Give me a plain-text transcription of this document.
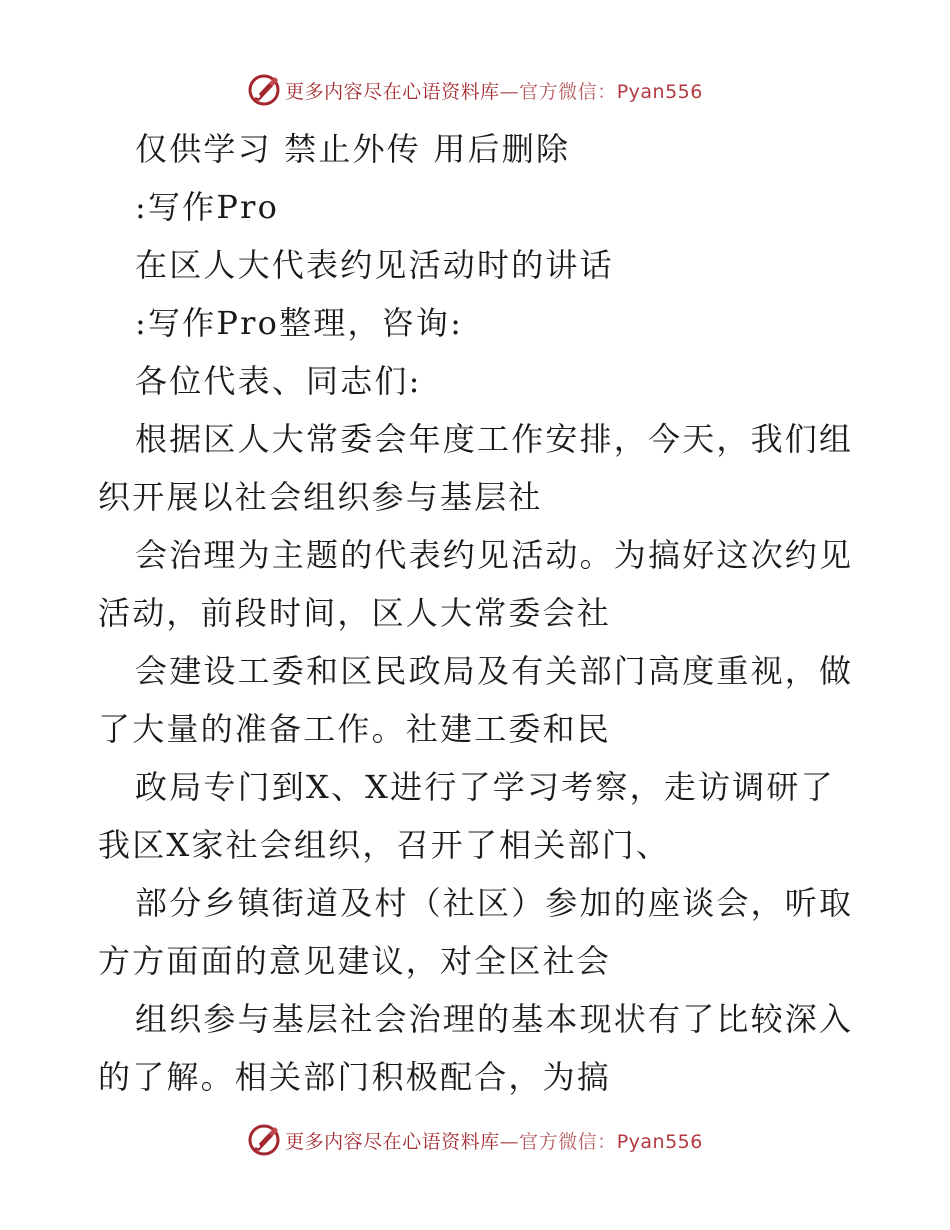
更多内容尽在心语资料库—官方微信：Pyan556
仅供学习 禁止外传 用后删除
:写作Pro
在区人大代表约见活动时的讲话
:写作Pro整理，咨询:
各位代表、同志们:
根据区人大常委会年度工作安排，今天，我们组
织开展以社会组织参与基层社
会治理为主题的代表约见活动。为搞好这次约见
活动，前段时间，区人大常委会社
会建设工委和区民政局及有关部门高度重视，做
了大量的准备工作。社建工委和民
政局专门到X、X进行了学习考察，走访调研了
我区X家社会组织，召开了相关部门、
部分乡镇街道及村（社区）参加的座谈会，听取
方方面面的意见建议，对全区社会
组织参与基层社会治理的基本现状有了比较深入
的了解。相关部门积极配合，为搞
更多内容尽在心语资料库—官方微信：Pyan556
